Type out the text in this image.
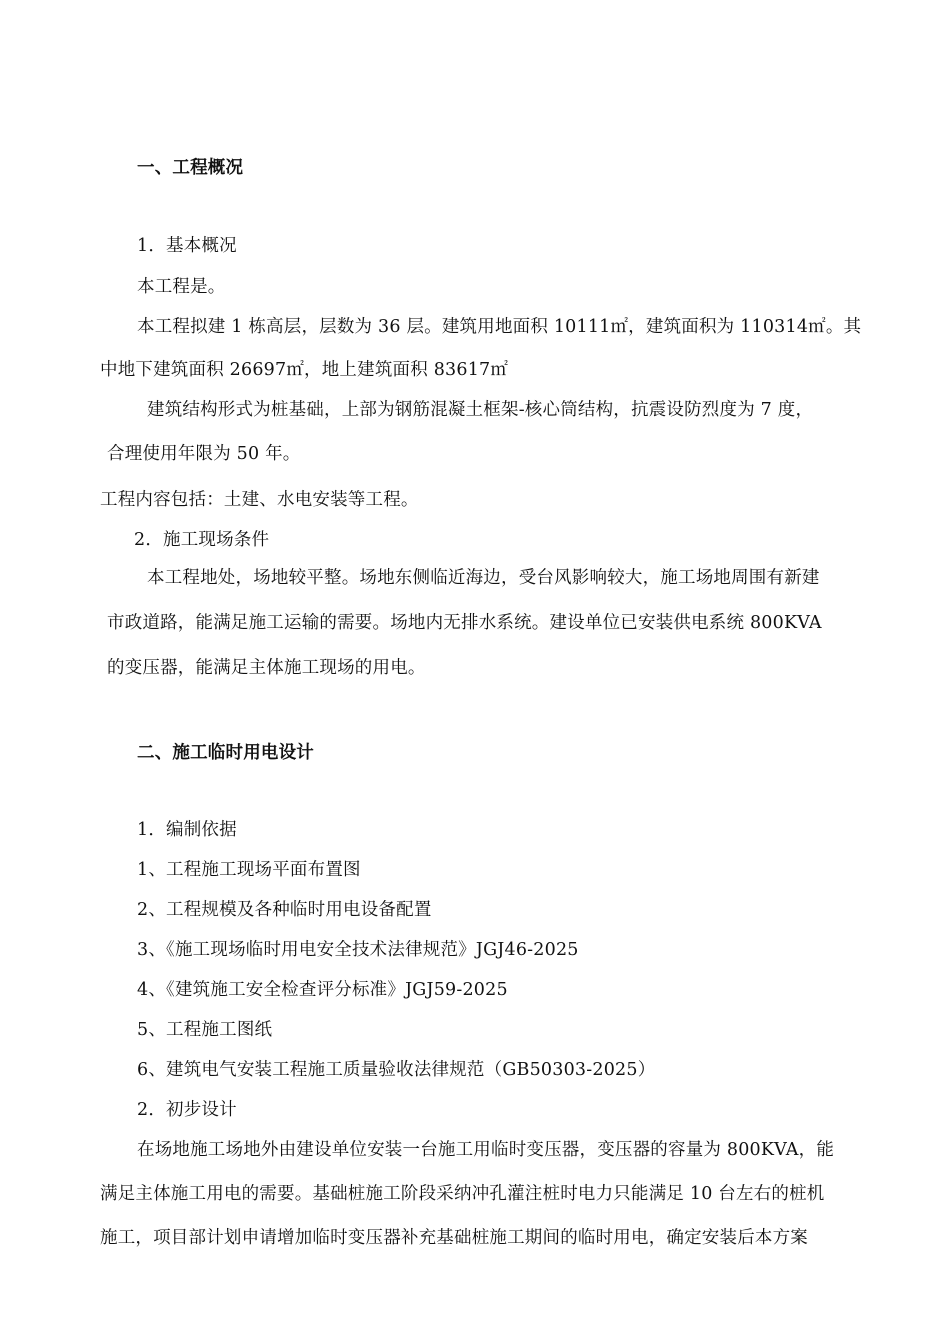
一、工程概况
1．基本概况
本工程是。
本工程拟建 1 栋高层，层数为 36 层。建筑用地面积 10111㎡，建筑面积为 110314㎡。其
中地下建筑面积 26697㎡，地上建筑面积 83617㎡
建筑结构形式为桩基础，上部为钢筋混凝土框架-核心筒结构，抗震设防烈度为 7 度，
合理使用年限为 50 年。
工程内容包括：土建、水电安装等工程。
2．施工现场条件
本工程地处，场地较平整。场地东侧临近海边，受台风影响较大，施工场地周围有新建
市政道路，能满足施工运输的需要。场地内无排水系统。建设单位已安装供电系统 800KVA
的变压器，能满足主体施工现场的用电。
二、施工临时用电设计
1．编制依据
1、工程施工现场平面布置图
2、工程规模及各种临时用电设备配置
3、《施工现场临时用电安全技术法律规范》JGJ46-2025
4、《建筑施工安全检查评分标准》JGJ59-2025
5、工程施工图纸
6、建筑电气安装工程施工质量验收法律规范（GB50303-2025）
2．初步设计
在场地施工场地外由建设单位安装一台施工用临时变压器，变压器的容量为 800KVA，能
满足主体施工用电的需要。基础桩施工阶段采纳冲孔灌注桩时电力只能满足 10 台左右的桩机
施工，项目部计划申请增加临时变压器补充基础桩施工期间的临时用电，确定安装后本方案
